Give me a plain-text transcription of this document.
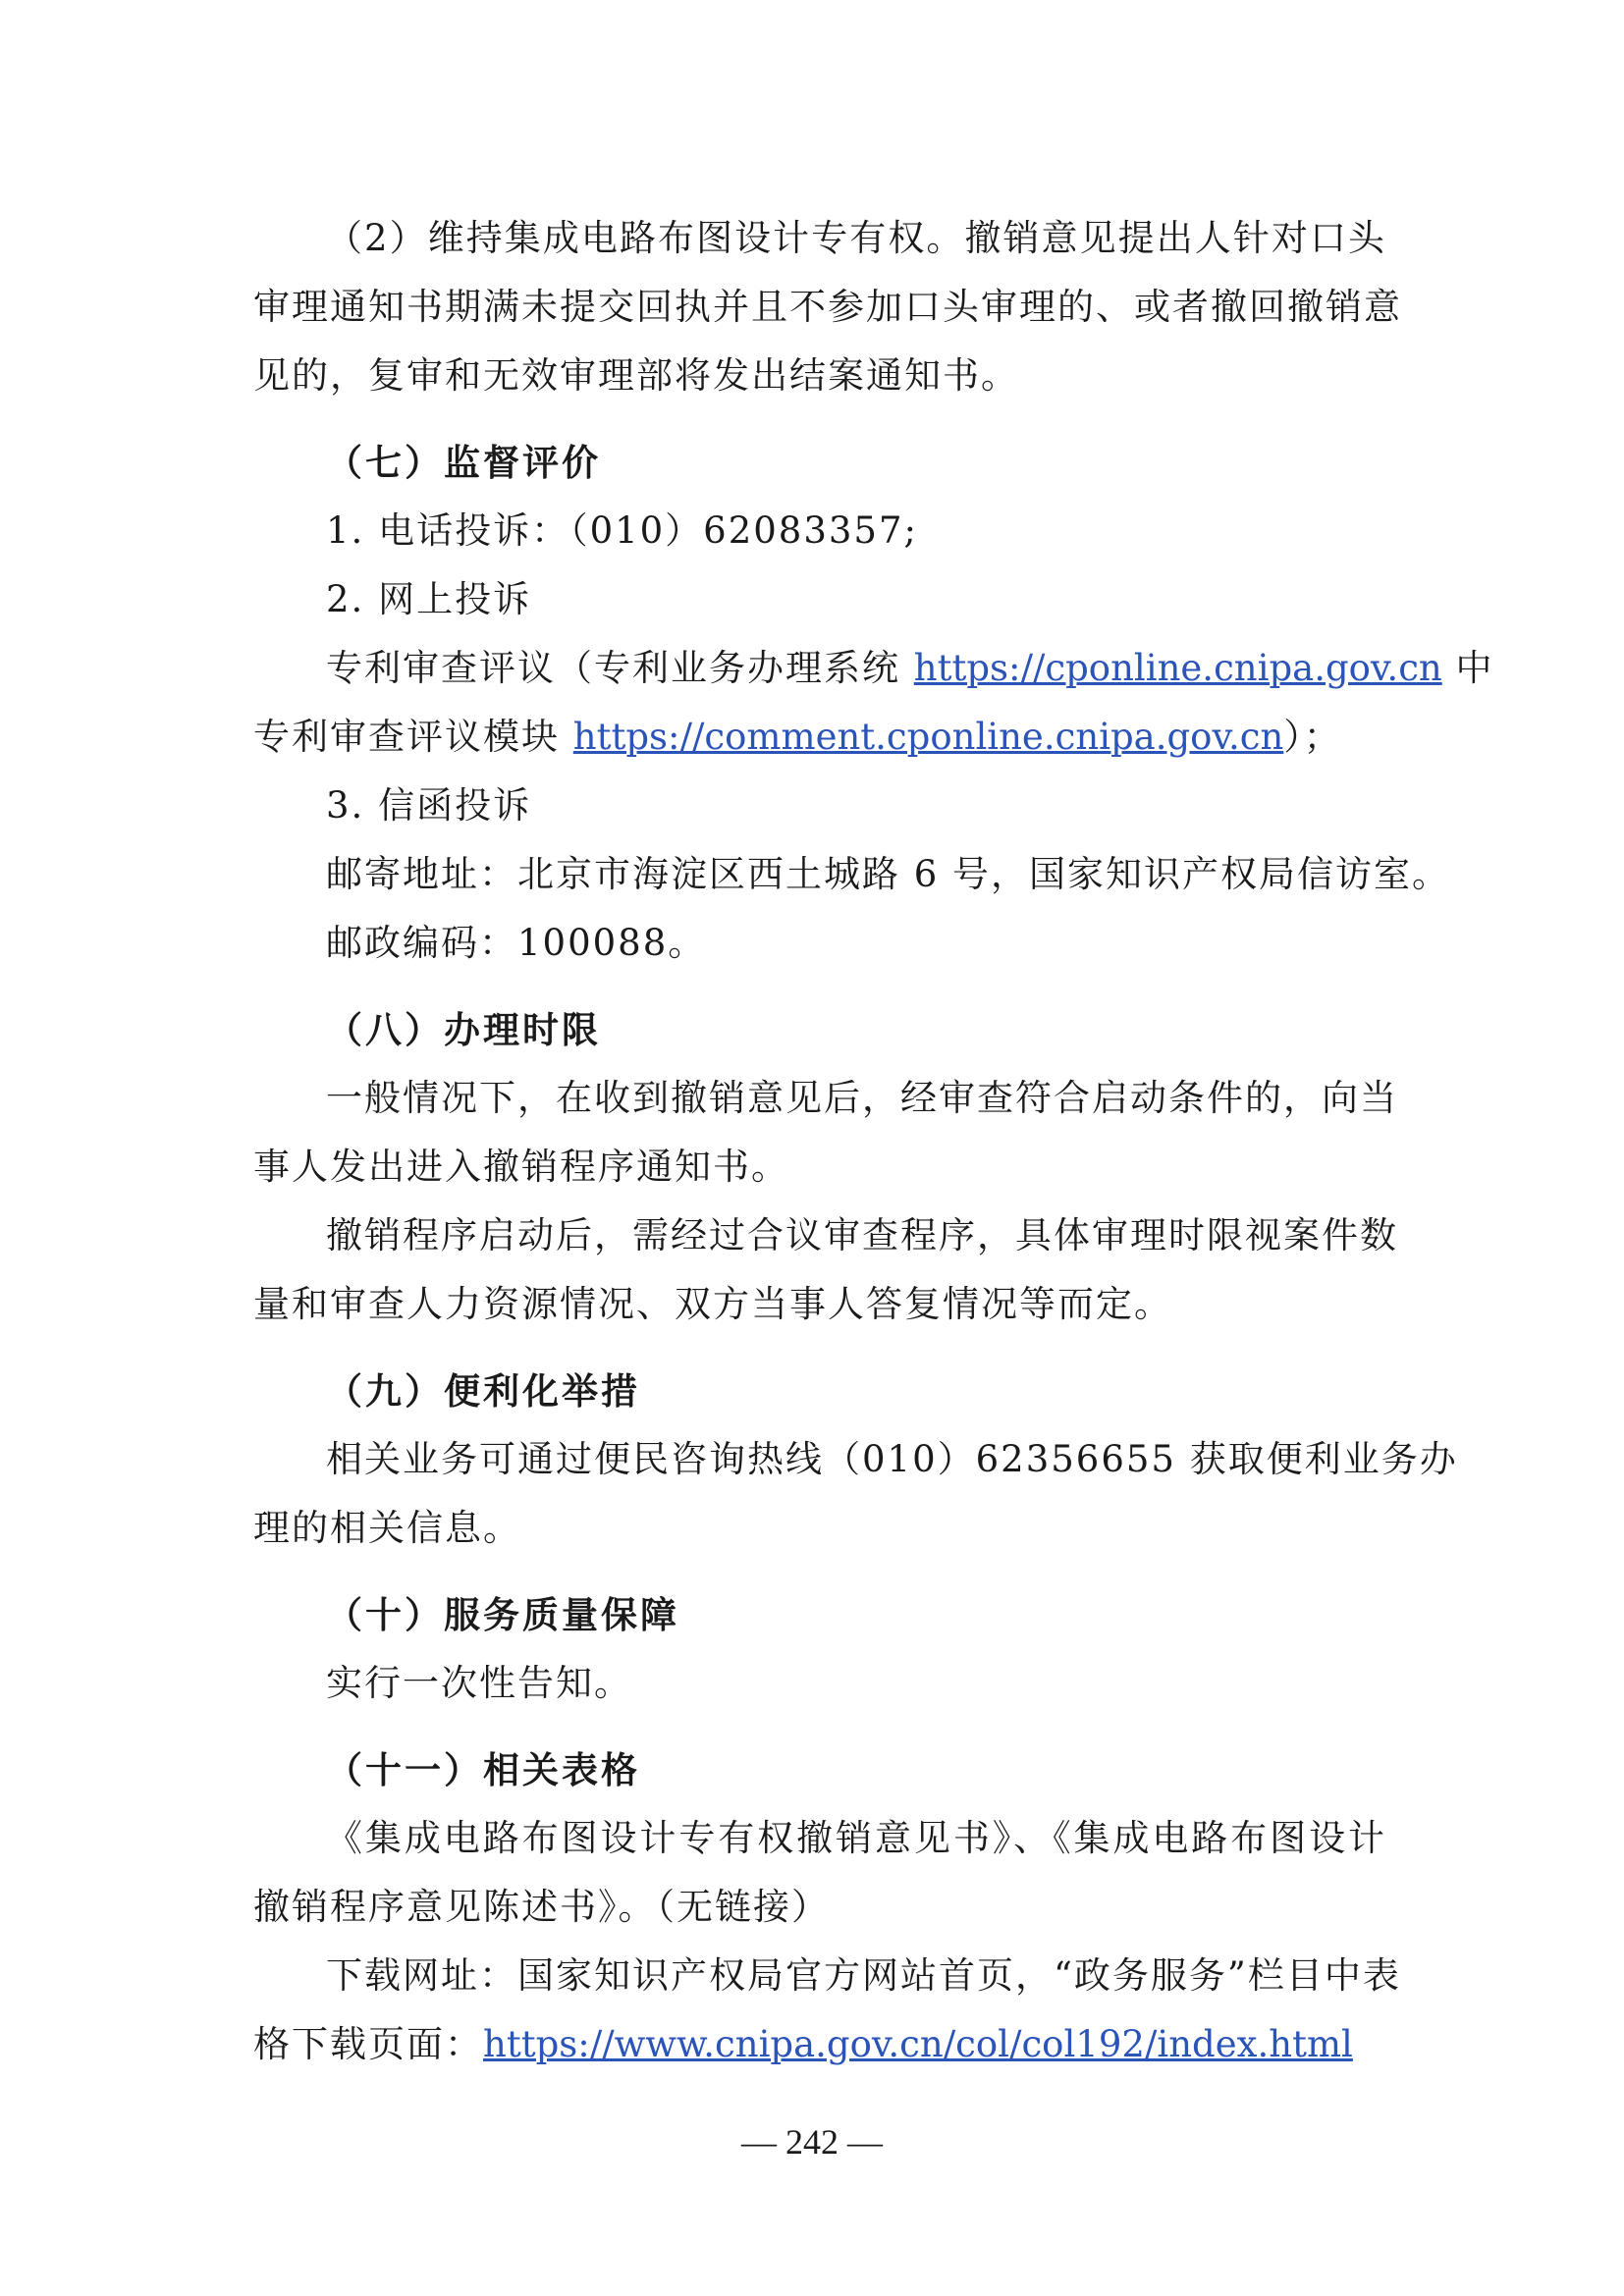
（2）维持集成电路布图设计专有权。撤销意见提出人针对口头
审理通知书期满未提交回执并且不参加口头审理的、或者撤回撤销意
见的，复审和无效审理部将发出结案通知书。
（七）监督评价
1. 电话投诉：（010）62083357;
2. 网上投诉
专利审查评议（专利业务办理系统 https://cponline.cnipa.gov.cn 中
专利审查评议模块 https://comment.cponline.cnipa.gov.cn）；
3. 信函投诉
邮寄地址：北京市海淀区西土城路 6 号，国家知识产权局信访室。
邮政编码：100088。
（八）办理时限
一般情况下，在收到撤销意见后，经审查符合启动条件的，向当
事人发出进入撤销程序通知书。
撤销程序启动后，需经过合议审查程序，具体审理时限视案件数
量和审查人力资源情况、双方当事人答复情况等而定。
（九）便利化举措
相关业务可通过便民咨询热线（010）62356655 获取便利业务办
理的相关信息。
（十）服务质量保障
实行一次性告知。
（十一）相关表格
《集成电路布图设计专有权撤销意见书》、《集成电路布图设计
撤销程序意见陈述书》。（无链接）
下载网址：国家知识产权局官方网站首页，“政务服务”栏目中表
格下载页面：https://www.cnipa.gov.cn/col/col192/index.html
— 242 —
